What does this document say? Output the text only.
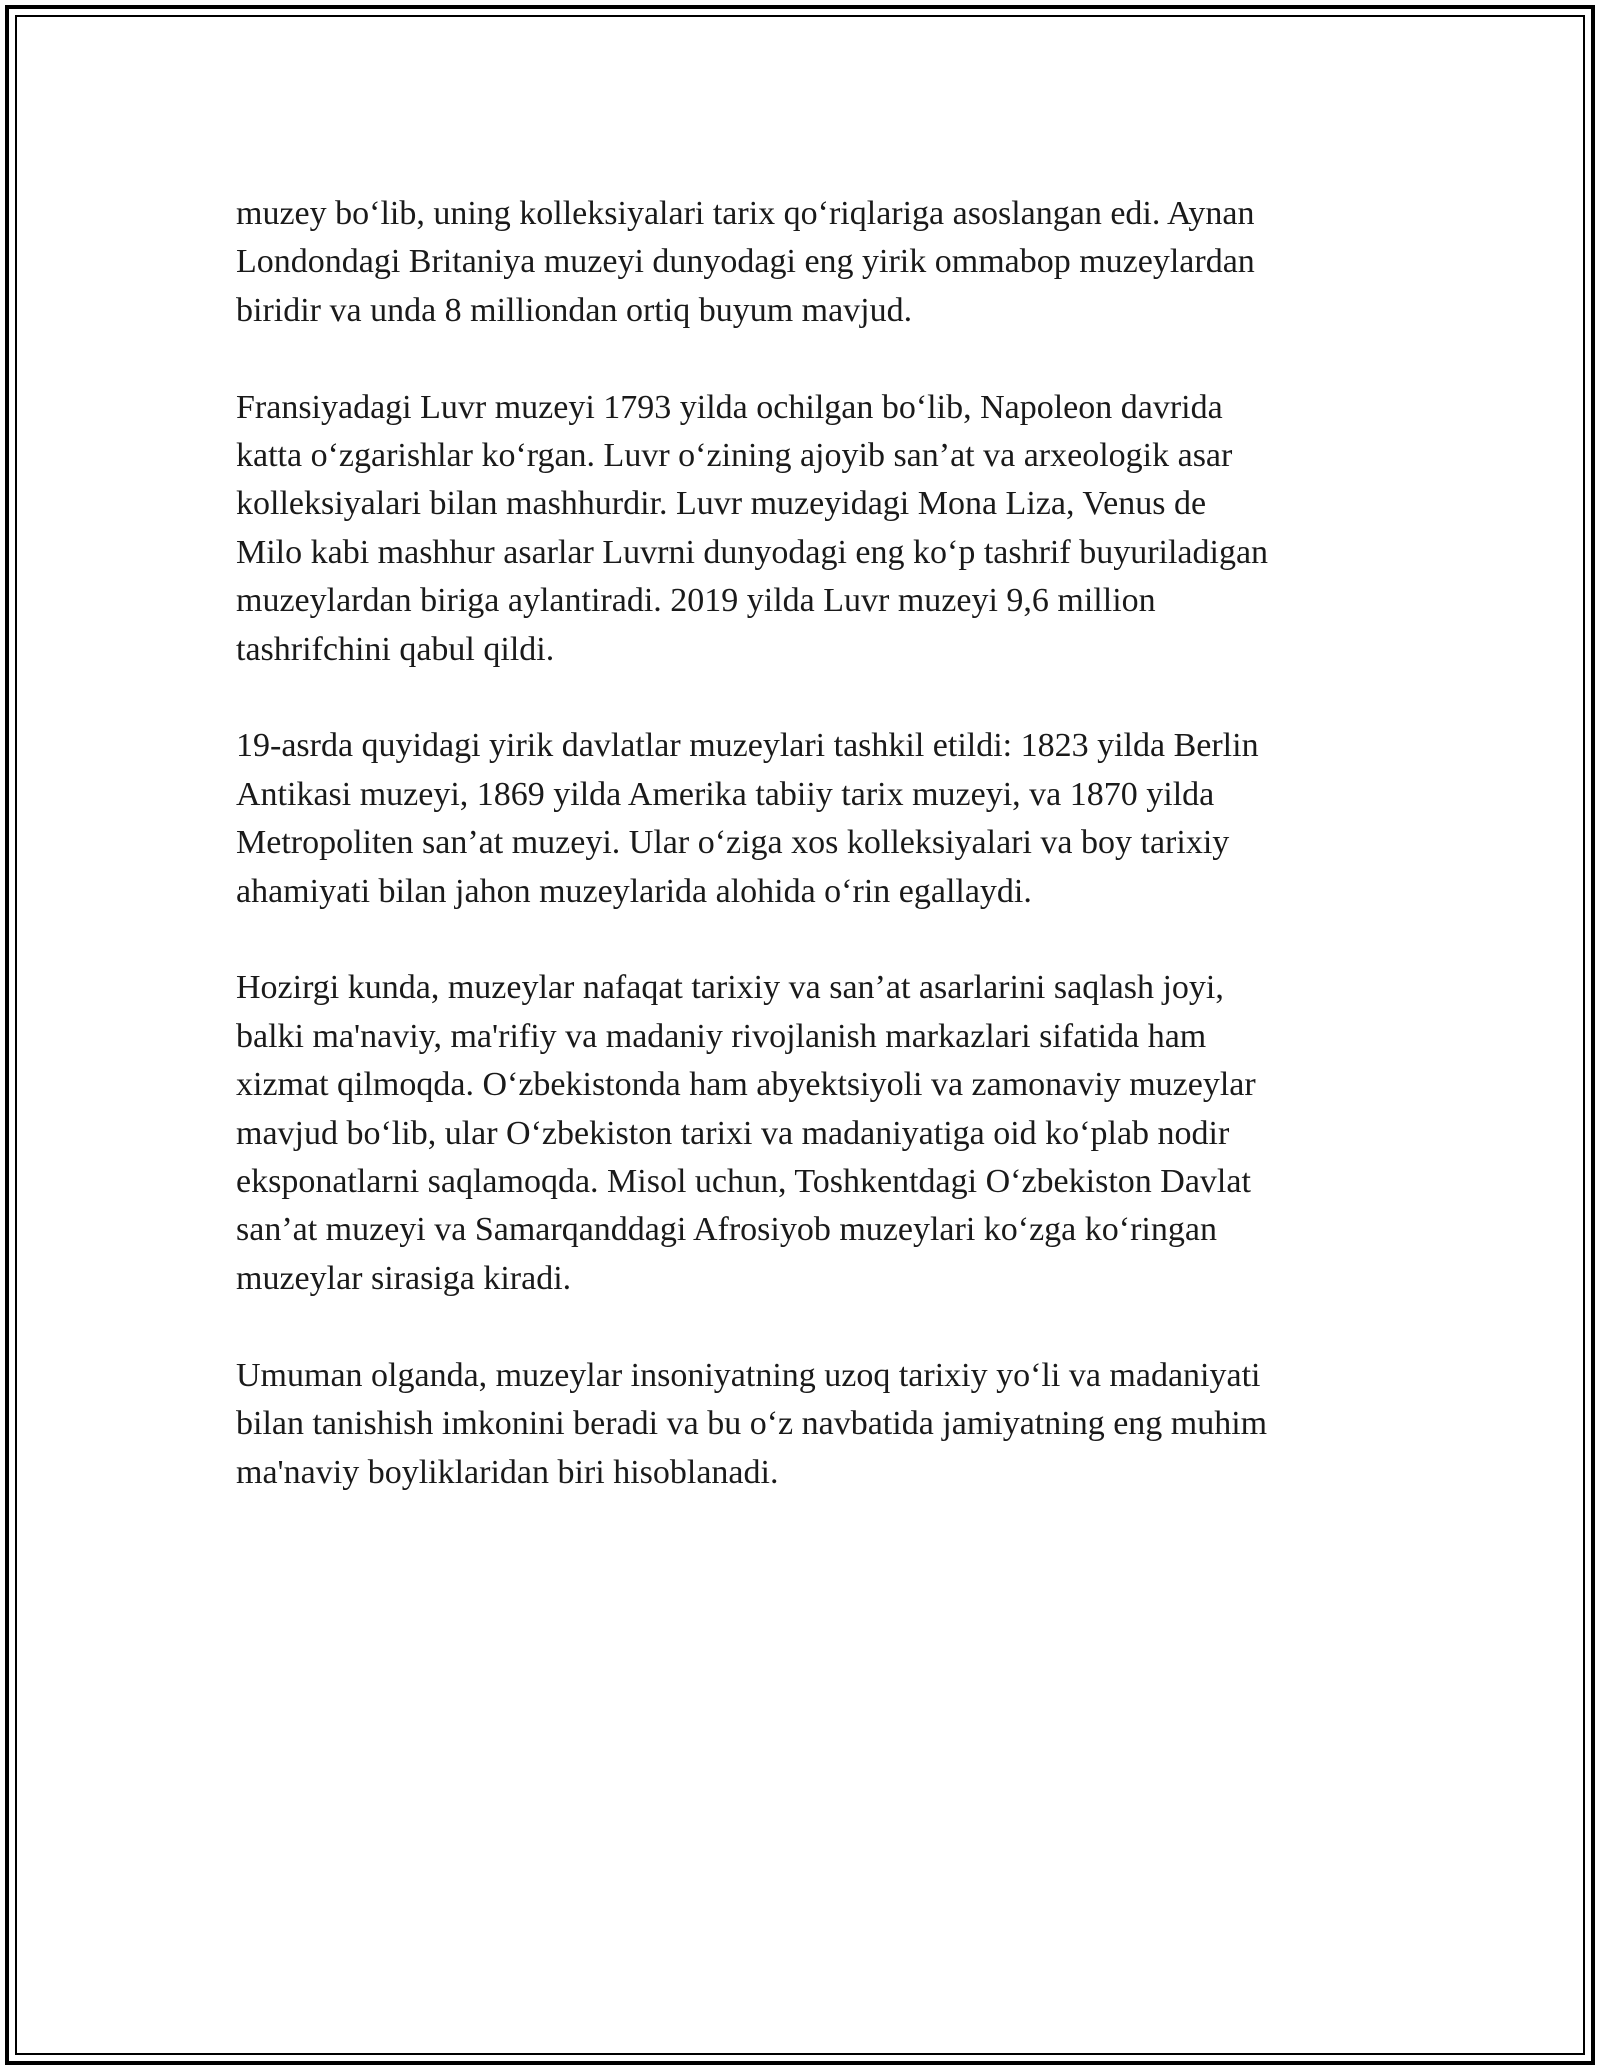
muzey bo‘lib, uning kolleksiyalari tarix qo‘riqlariga asoslangan edi. Aynan
Londondagi Britaniya muzeyi dunyodagi eng yirik ommabop muzeylardan
biridir va unda 8 milliondan ortiq buyum mavjud.

Fransiyadagi Luvr muzeyi 1793 yilda ochilgan bo‘lib, Napoleon davrida
katta o‘zgarishlar ko‘rgan. Luvr o‘zining ajoyib san’at va arxeologik asar
kolleksiyalari bilan mashhurdir. Luvr muzeyidagi Mona Liza, Venus de
Milo kabi mashhur asarlar Luvrni dunyodagi eng ko‘p tashrif buyuriladigan
muzeylardan biriga aylantiradi. 2019 yilda Luvr muzeyi 9,6 million
tashrifchini qabul qildi.

19-asrda quyidagi yirik davlatlar muzeylari tashkil etildi: 1823 yilda Berlin
Antikasi muzeyi, 1869 yilda Amerika tabiiy tarix muzeyi, va 1870 yilda
Metropoliten san’at muzeyi. Ular o‘ziga xos kolleksiyalari va boy tarixiy
ahamiyati bilan jahon muzeylarida alohida o‘rin egallaydi.

Hozirgi kunda, muzeylar nafaqat tarixiy va san’at asarlarini saqlash joyi,
balki ma'naviy, ma'rifiy va madaniy rivojlanish markazlari sifatida ham
xizmat qilmoqda. O‘zbekistonda ham abyektsiyoli va zamonaviy muzeylar
mavjud bo‘lib, ular O‘zbekiston tarixi va madaniyatiga oid ko‘plab nodir
eksponatlarni saqlamoqda. Misol uchun, Toshkentdagi O‘zbekiston Davlat
san’at muzeyi va Samarqanddagi Afrosiyob muzeylari ko‘zga ko‘ringan
muzeylar sirasiga kiradi.

Umuman olganda, muzeylar insoniyatning uzoq tarixiy yo‘li va madaniyati
bilan tanishish imkonini beradi va bu o‘z navbatida jamiyatning eng muhim
ma'naviy boyliklaridan biri hisoblanadi.
